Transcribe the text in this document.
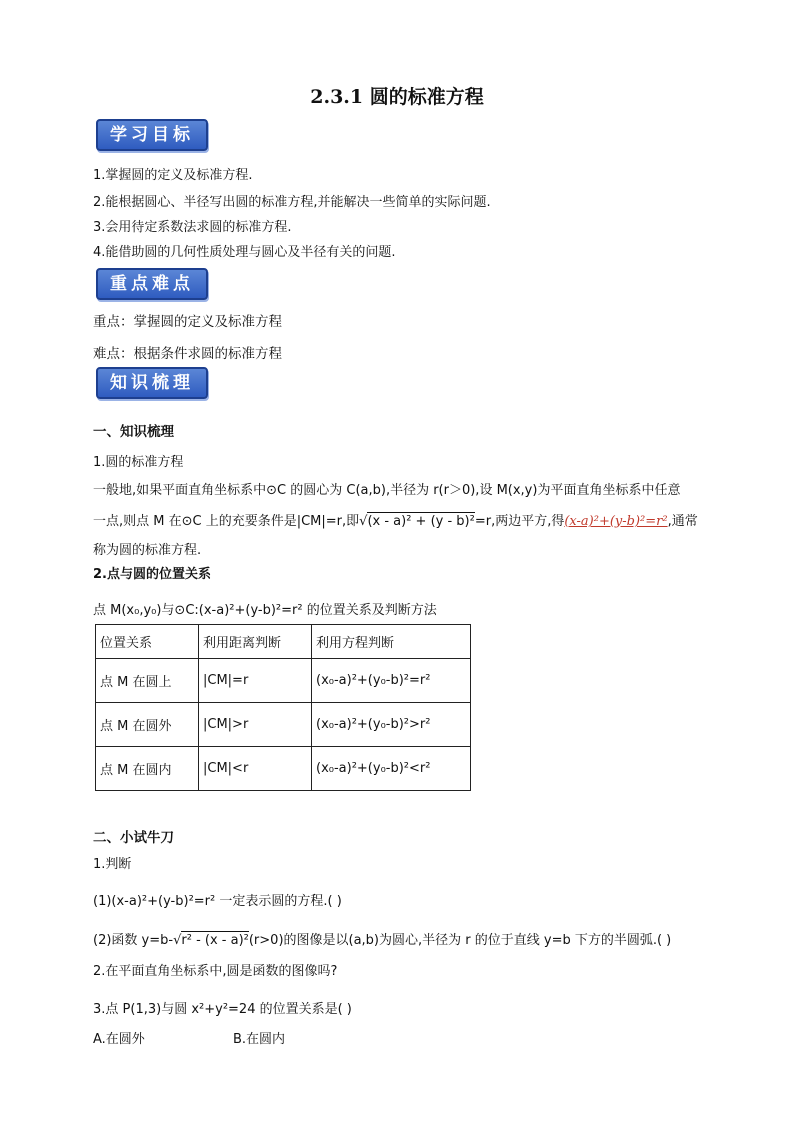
2.3.1 圆的标准方程
学习目标
1.掌握圆的定义及标准方程.
2.能根据圆心、半径写出圆的标准方程,并能解决一些简单的实际问题.
3.会用待定系数法求圆的标准方程.
4.能借助圆的几何性质处理与圆心及半径有关的问题.
重点难点
重点：掌握圆的定义及标准方程
难点：根据条件求圆的标准方程
知识梳理
一、知识梳理
1.圆的标准方程
一般地,如果平面直角坐标系中⊙C 的圆心为 C(a,b),半径为 r(r＞0),设 M(x,y)为平面直角坐标系中任意
一点,则点 M 在⊙C 上的充要条件是|CM|=r,即√(x - a)² + (y - b)²=r,两边平方,得(x-a)²+(y-b)²=r²,通常
称为圆的标准方程.
2.点与圆的位置关系
点 M(x₀,y₀)与⊙C:(x-a)²+(y-b)²=r² 的位置关系及判断方法
位置关系	利用距离判断	利用方程判断
点 M 在圆上	|CM|=r	(x₀-a)²+(y₀-b)²=r²
点 M 在圆外	|CM|>r	(x₀-a)²+(y₀-b)²>r²
点 M 在圆内	|CM|<r	(x₀-a)²+(y₀-b)²<r²
二、小试牛刀
1.判断
(1)(x-a)²+(y-b)²=r² 一定表示圆的方程.( )
(2)函数 y=b-√r² - (x - a)²(r>0)的图像是以(a,b)为圆心,半径为 r 的位于直线 y=b 下方的半圆弧.( )
2.在平面直角坐标系中,圆是函数的图像吗?
3.点 P(1,3)与圆 x²+y²=24 的位置关系是( )
A.在圆外	B.在圆内
